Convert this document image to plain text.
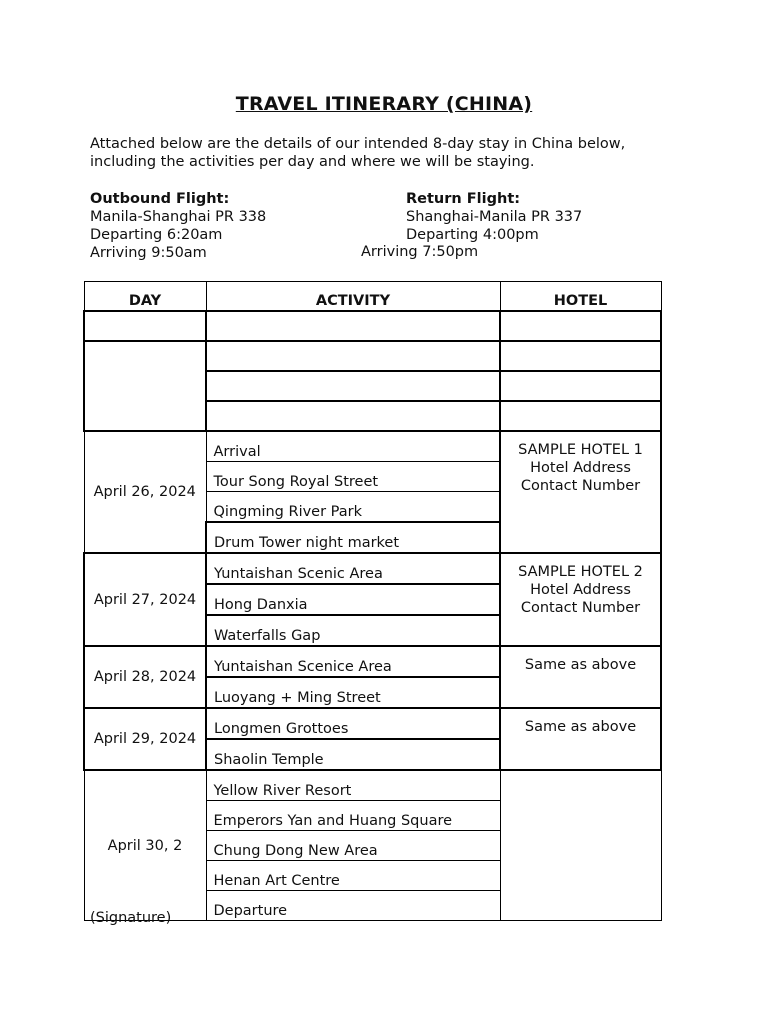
TRAVEL ITINERARY (CHINA)
Attached below are the details of our intended 8-day stay in China below, including the activities per day and where we will be staying.
Outbound Flight:
Manila-Shanghai PR 338
Departing 6:20am
Arriving 9:50am
Return Flight:
Shanghai-Manila PR 337
Departing 4:00pm
Arriving 7:50pm
DAY	ACTIVITY	HOTEL

April 26, 2024	Arrival	SAMPLE HOTEL 1
Hotel Address
Contact Number

	Tour Song Royal Street	
	Qingming River Park	
	Drum Tower night market	
April 27, 2024	Yuntaishan Scenic Area	SAMPLE HOTEL 2
Hotel Address
Contact Number

	Hong Danxia	
	Waterfalls Gap	
April 28, 2024	Yuntaishan Scenice Area	Same as above

	Luoyang + Ming Street	
April 29, 2024	Longmen Grottoes	Same as above

	Shaolin Temple	
April 30, 2	Yellow River Resort	
	Emperors Yan and Huang Square	
	Chung Dong New Area	
	Henan Art Centre	
	Departure	
(Signature)
